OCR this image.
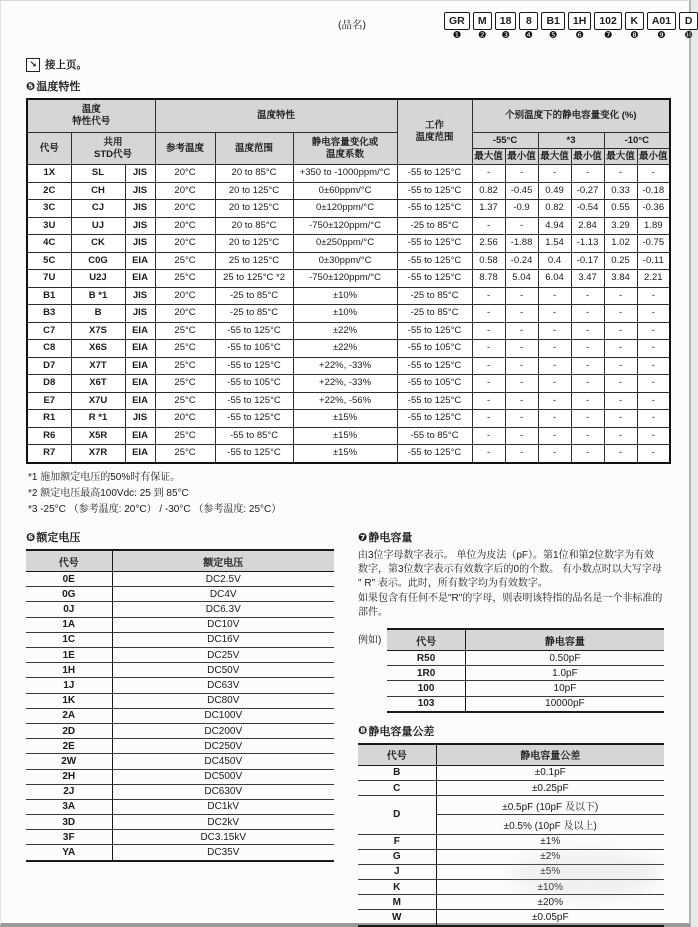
(品名)	GR
❶
M
❷
18
❸
8
❹
B1
❺
1H
❻
102
❼
K
❽
A01
❾
D
❿
↘ 接上页。
❺ 温度特性
温度
特性代号			温度特性			工作
温度范围	个别温度下的静电容量变化 (%)					
代号	共用
STD代号		参考温度	温度范围	静电容量变化或
温度系数		-55°C		*3		-10°C	
							最大值	最小值	最大值	最小值	最大值	最小值
1X	SL	JIS	20°C	20 to 85°C	+350 to -1000ppm/°C	-55 to 125°C	-	-	-	-	-	-
2C	CH	JIS	20°C	20 to 125°C	0±60ppm/°C	-55 to 125°C	0.82	-0.45	0.49	-0.27	0.33	-0.18
3C	CJ	JIS	20°C	20 to 125°C	0±120ppm/°C	-55 to 125°C	1.37	-0.9	0.82	-0.54	0.55	-0.36
3U	UJ	JIS	20°C	20 to 85°C	-750±120ppm/°C	-25 to 85°C	-	-	4.94	2.84	3.29	1.89
4C	CK	JIS	20°C	20 to 125°C	0±250ppm/°C	-55 to 125°C	2.56	-1.88	1.54	-1.13	1.02	-0.75
5C	C0G	EIA	25°C	25 to 125°C	0±30ppm/°C	-55 to 125°C	0.58	-0.24	0.4	-0.17	0.25	-0.11
7U	U2J	EIA	25°C	25 to 125°C *2	-750±120ppm/°C	-55 to 125°C	8.78	5.04	6.04	3.47	3.84	2.21
B1	B *1	JIS	20°C	-25 to 85°C	±10%	-25 to 85°C	-	-	-	-	-	-
B3	B	JIS	20°C	-25 to 85°C	±10%	-25 to 85°C	-	-	-	-	-	-
C7	X7S	EIA	25°C	-55 to 125°C	±22%	-55 to 125°C	-	-	-	-	-	-
C8	X6S	EIA	25°C	-55 to 105°C	±22%	-55 to 105°C	-	-	-	-	-	-
D7	X7T	EIA	25°C	-55 to 125°C	+22%, -33%	-55 to 125°C	-	-	-	-	-	-
D8	X6T	EIA	25°C	-55 to 105°C	+22%, -33%	-55 to 105°C	-	-	-	-	-	-
E7	X7U	EIA	25°C	-55 to 125°C	+22%, -56%	-55 to 125°C	-	-	-	-	-	-
R1	R *1	JIS	20°C	-55 to 125°C	±15%	-55 to 125°C	-	-	-	-	-	-
R6	X5R	EIA	25°C	-55 to 85°C	±15%	-55 to 85°C	-	-	-	-	-	-
R7	X7R	EIA	25°C	-55 to 125°C	±15%	-55 to 125°C	-	-	-	-	-	-
*1 施加额定电压的50%时有保证。
*2 额定电压最高100Vdc: 25 到 85°C
*3 -25°C （参考温度: 20°C） / -30°C （参考温度: 25°C）
❻ 额定电压
代号	额定电压
0E	DC2.5V
0G	DC4V
0J	DC6.3V
1A	DC10V
1C	DC16V
1E	DC25V
1H	DC50V
1J	DC63V
1K	DC80V
2A	DC100V
2D	DC200V
2E	DC250V
2W	DC450V
2H	DC500V
2J	DC630V
3A	DC1kV
3D	DC2kV
3F	DC3.15kV
YA	DC35V
❼ 静电容量

由3位字母数字表示。 单位为皮法（pF）。第1位和第2位数字为有效数字，第3位数字表示有效数字后的0的个数。 有小数点时以大写字母 " R" 表示。此时，所有数字均为有效数字。

如果包含有任何不是"R"的字母，则表明该特指的品名是一个非标准的部件。

例如)	代号	静电容量
R50	0.50pF
1R0	1.0pF
100	10pF
103	10000pF
❽ 静电容量公差
代号	静电容量公差
B	±0.1pF
C	±0.25pF
D	±0.5pF (10pF 及以下)
	±0.5% (10pF 及以上)
F	±1%
G	±2%
J	±5%
K	±10%
M	±20%
W	±0.05pF
